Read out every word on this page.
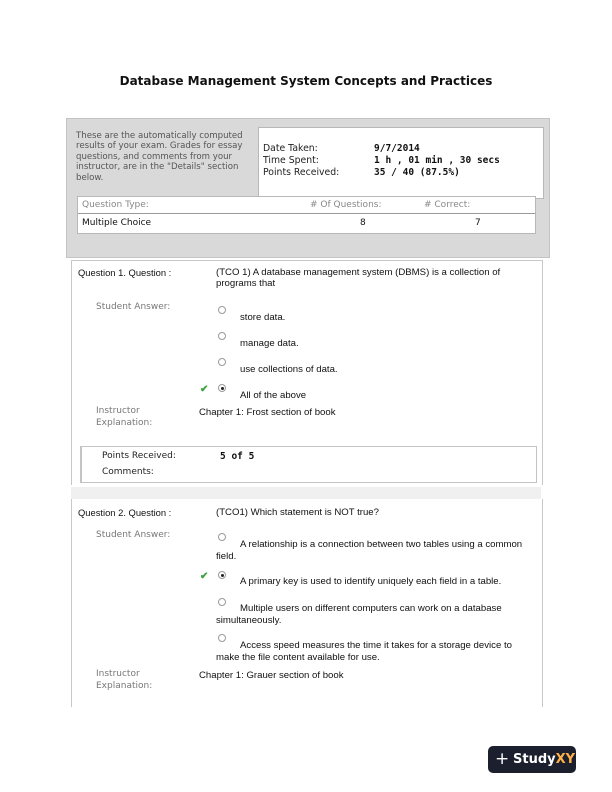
Database Management System Concepts and Practices
These are the automatically computed results of your exam. Grades for essay questions, and comments from your instructor, are in the "Details" section below.
Date Taken:	9/7/2014
Time Spent:	1 h , 01 min , 30 secs
Points Received:	35 / 40 (87.5%)
Question Type:	# Of Questions:	# Correct:
Multiple Choice	8	7
Question 1. Question :	(TCO 1) A database management system (DBMS) is a collection of programs that
Student Answer:
store data.
manage data.
use collections of data.
✔
All of the above
Instructor Explanation:
Chapter 1: Frost section of book
Points Received:	5 of 5
Comments:
Question 2. Question :	(TCO1) Which statement is NOT true?
Student Answer:
A relationship is a connection between two tables using a common field.
✔	A primary key is used to identify uniquely each field in a table.
Multiple users on different computers can work on a database simultaneously.
Access speed measures the time it takes for a storage device to make the file content available for use.
Instructor Explanation:
Chapter 1: Grauer section of book
+ StudyXY
